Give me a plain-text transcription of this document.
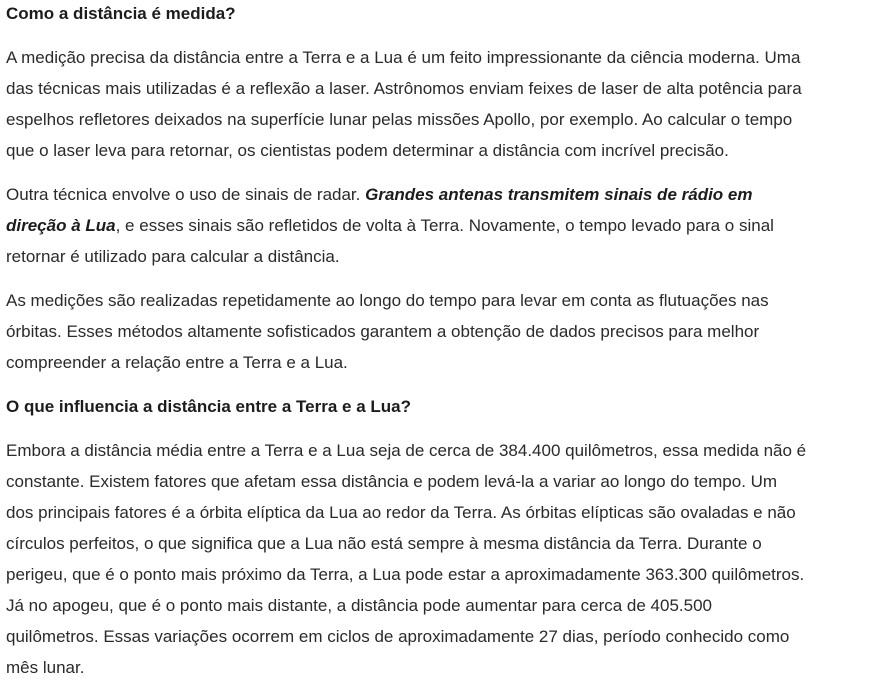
Como a distância é medida?

A medição precisa da distância entre a Terra e a Lua é um feito impressionante da ciência moderna. Uma
das técnicas mais utilizadas é a reflexão a laser. Astrônomos enviam feixes de laser de alta potência para
espelhos refletores deixados na superfície lunar pelas missões Apollo, por exemplo. Ao calcular o tempo
que o laser leva para retornar, os cientistas podem determinar a distância com incrível precisão.

Outra técnica envolve o uso de sinais de radar. Grandes antenas transmitem sinais de rádio em
direção à Lua, e esses sinais são refletidos de volta à Terra. Novamente, o tempo levado para o sinal
retornar é utilizado para calcular a distância.

As medições são realizadas repetidamente ao longo do tempo para levar em conta as flutuações nas
órbitas. Esses métodos altamente sofisticados garantem a obtenção de dados precisos para melhor
compreender a relação entre a Terra e a Lua.

O que influencia a distância entre a Terra e a Lua?

Embora a distância média entre a Terra e a Lua seja de cerca de 384.400 quilômetros, essa medida não é
constante. Existem fatores que afetam essa distância e podem levá-la a variar ao longo do tempo. Um
dos principais fatores é a órbita elíptica da Lua ao redor da Terra. As órbitas elípticas são ovaladas e não
círculos perfeitos, o que significa que a Lua não está sempre à mesma distância da Terra. Durante o
perigeu, que é o ponto mais próximo da Terra, a Lua pode estar a aproximadamente 363.300 quilômetros.
Já no apogeu, que é o ponto mais distante, a distância pode aumentar para cerca de 405.500
quilômetros. Essas variações ocorrem em ciclos de aproximadamente 27 dias, período conhecido como
mês lunar.
